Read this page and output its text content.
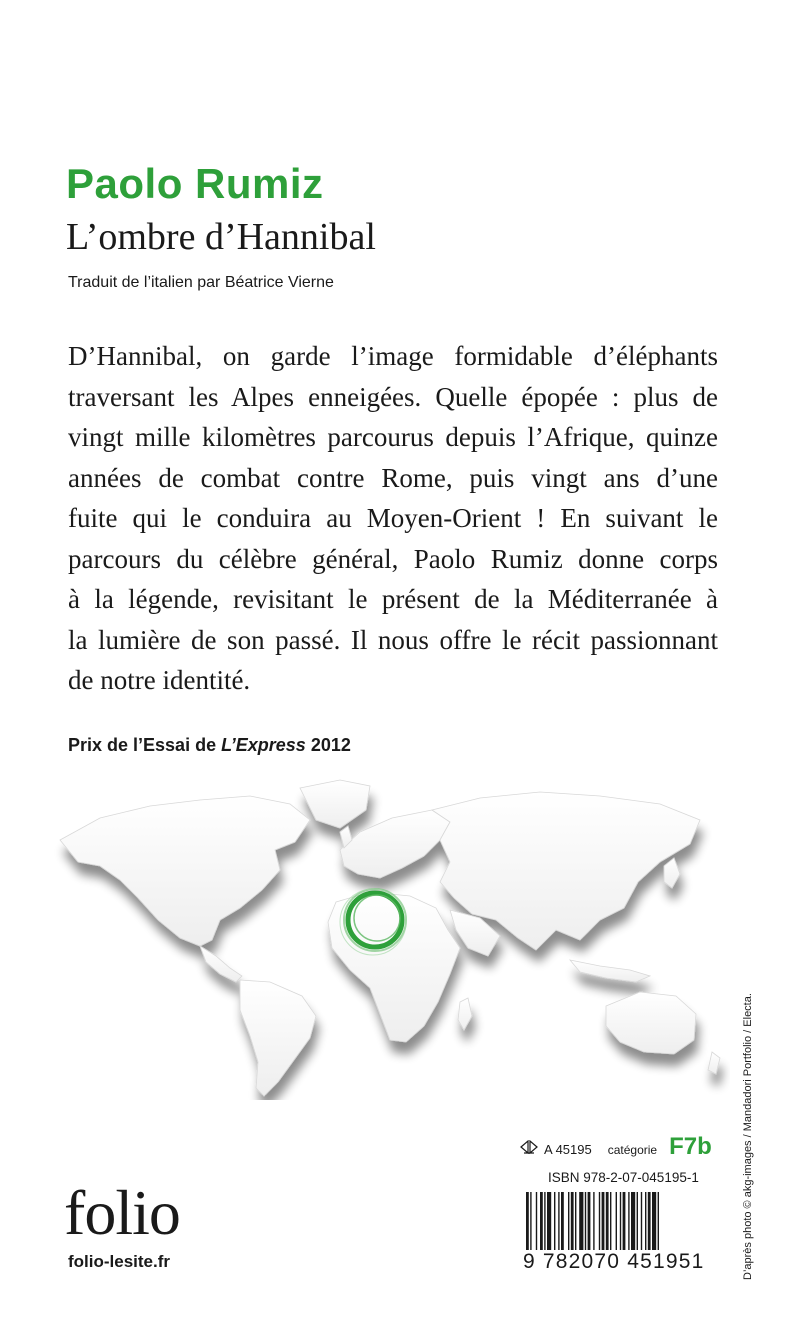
Paolo Rumiz
L’ombre d’Hannibal
Traduit de l’italien par Béatrice Vierne
D’Hannibal, on garde l’image formidable d’éléphants
traversant les Alpes enneigées. Quelle épopée : plus de
vingt mille kilomètres parcourus depuis l’Afrique, quinze
années de combat contre Rome, puis vingt ans d’une
fuite qui le conduira au Moyen-Orient ! En suivant le
parcours du célèbre général, Paolo Rumiz donne corps
à la légende, revisitant le présent de la Méditerranée à
la lumière de son passé. Il nous offre le récit passionnant
de notre identité.
Prix de l’Essai de L’Express 2012
D’après photo © akg-images / Mandadori Portfolio / Electa.
A 45195 catégorie F7b
ISBN 978-2-07-045195-1
9 782070 451951
folio
folio-lesite.fr
